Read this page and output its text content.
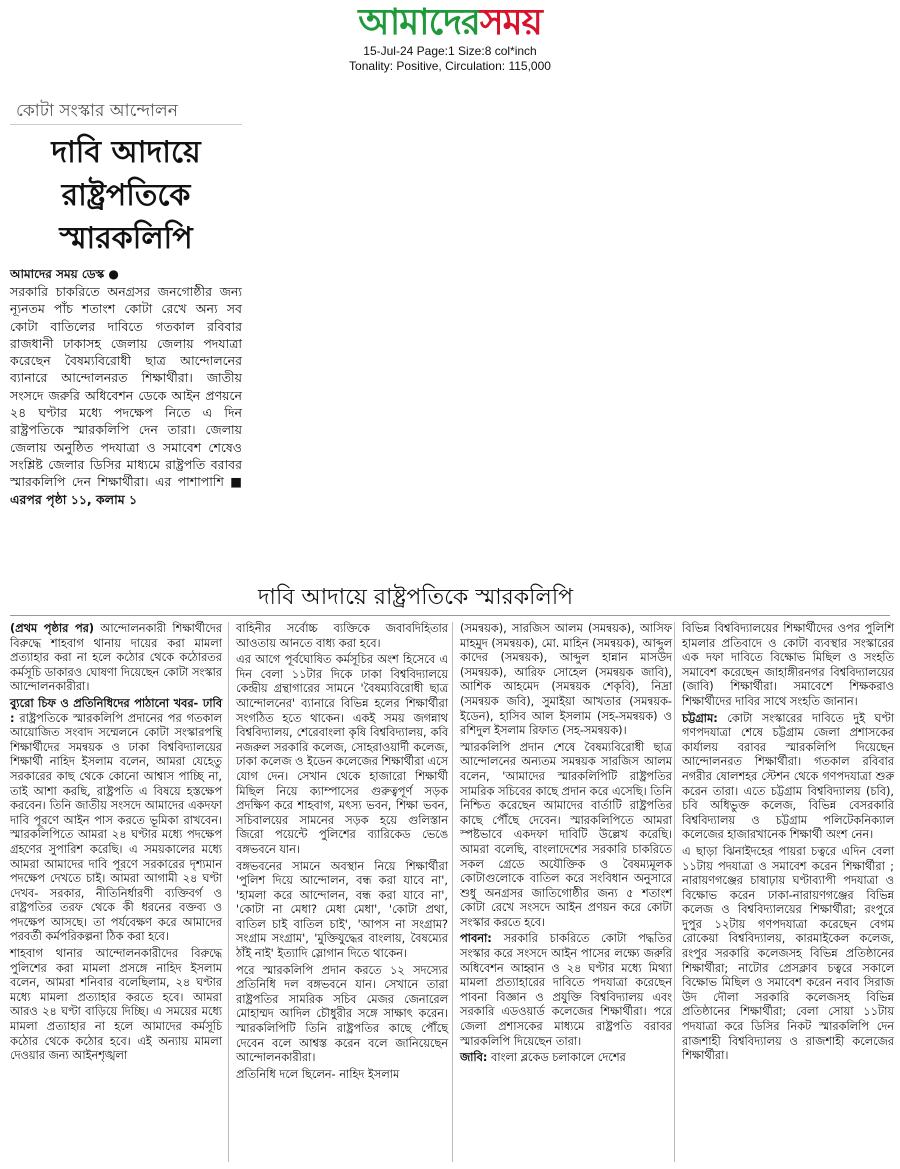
আমাদেরসময়
15-Jul-24 Page:1 Size:8 col*inch
Tonality: Positive, Circulation: 115,000
কোটা সংস্কার আন্দোলন
দাবি আদায়ে
রাষ্ট্রপতিকে
স্মারকলিপি
আমাদের সময় ডেস্ক ●
সরকারি চাকরিতে অনগ্রসর জনগোষ্ঠীর জন্য ন্যূনতম পাঁচ শতাংশ কোটা রেখে অন্য সব কোটা বাতিলের দাবিতে গতকাল রবিবার রাজধানী ঢাকাসহ জেলায় জেলায় পদযাত্রা করেছেন বৈষম্যবিরোধী ছাত্র আন্দোলনের ব্যানারে আন্দোলনরত শিক্ষার্থীরা। জাতীয় সংসদে জরুরি অধিবেশন ডেকে আইন প্রণয়নে ২৪ ঘণ্টার মধ্যে পদক্ষেপ নিতে এ দিন রাষ্ট্রপতিকে স্মারকলিপি দেন তারা। জেলায় জেলায় অনুষ্ঠিত পদযাত্রা ও সমাবেশ শেষেও সংশ্লিষ্ট জেলার ডিসির মাধ্যমে রাষ্ট্রপতি বরাবর স্মারকলিপি দেন শিক্ষার্থীরা। এর পাশাপাশি ■ এরপর পৃষ্ঠা ১১, কলাম ১
দাবি আদায়ে রাষ্ট্রপতিকে স্মারকলিপি

(প্রথম পৃষ্ঠার পর) আন্দোলনকারী শিক্ষার্থীদের বিরুদ্ধে শাহবাগ থানায় দায়ের করা মামলা প্রত্যাহার করা না হলে কঠোর থেকে কঠোরতর কর্মসূচি ডাকারও ঘোষণা দিয়েছেন কোটা সংস্কার আন্দোলনকারীরা।

ব্যুরো চিফ ও প্রতিনিধিদের পাঠানো খবর- ঢাবি : রাষ্ট্রপতিকে স্মারকলিপি প্রদানের পর গতকাল আয়োজিত সংবাদ সম্মেলনে কোটা সংস্কারপন্থি শিক্ষার্থীদের সমন্বয়ক ও ঢাকা বিশ্ববিদ্যালয়ের শিক্ষার্থী নাহিদ ইসলাম বলেন, আমরা যেহেতু সরকারের কাছ থেকে কোনো আশ্বাস পাচ্ছি না, তাই আশা করছি, রাষ্ট্রপতি এ বিষয়ে হস্তক্ষেপ করবেন। তিনি জাতীয় সংসদে আমাদের একদফা দাবি পূরণে আইন পাস করতে ভূমিকা রাখবেন। স্মারকলিপিতে আমরা ২৪ ঘণ্টার মধ্যে পদক্ষেপ গ্রহণের সুপারিশ করেছি। এ সময়কালের মধ্যে আমরা আমাদের দাবি পূরণে সরকারের দৃশ্যমান পদক্ষেপ দেখতে চাই। আমরা আগামী ২৪ ঘণ্টা দেখব- সরকার, নীতিনির্ধারণী ব্যক্তিবর্গ ও রাষ্ট্রপতির তরফ থেকে কী ধরনের বক্তব্য ও পদক্ষেপ আসছে। তা পর্যবেক্ষণ করে আমাদের পরবর্তী কর্মপরিকল্পনা ঠিক করা হবে।

শাহবাগ থানার আন্দোলনকারীদের বিরুদ্ধে পুলিশের করা মামলা প্রসঙ্গে নাহিদ ইসলাম বলেন, আমরা শনিবার বলেছিলাম, ২৪ ঘণ্টার মধ্যে মামলা প্রত্যাহার করতে হবে। আমরা আরও ২৪ ঘণ্টা বাড়িয়ে দিচ্ছি। এ সময়ের মধ্যে মামলা প্রত্যাহার না হলে আমাদের কর্মসূচি কঠোর থেকে কঠোর হবে। এই অন্যায় মামলা দেওয়ার জন্য আইনশৃঙ্খলা

বাহিনীর সর্বোচ্চ ব্যক্তিকে জবাবদিহিতার আওতায় আনতে বাধ্য করা হবে।

এর আগে পূর্বঘোষিত কর্মসূচির অংশ হিসেবে এ দিন বেলা ১১টার দিকে ঢাকা বিশ্ববিদ্যালয়ে কেন্দ্রীয় গ্রন্থাগারের সামনে 'বৈষম্যবিরোধী ছাত্র আন্দোলনের' ব্যানারে বিভিন্ন হলের শিক্ষার্থীরা সংগঠিত হতে থাকেন। একই সময় জগন্নাথ বিশ্ববিদ্যালয়, শেরেবাংলা কৃষি বিশ্ববিদ্যালয়, কবি নজরুল সরকারি কলেজ, সোহরাওয়ার্দী কলেজ, ঢাকা কলেজ ও ইডেন কলেজের শিক্ষার্থীরা এসে যোগ দেন। সেখান থেকে হাজারো শিক্ষার্থী মিছিল নিয়ে ক্যাম্পাসের গুরুত্বপূর্ণ সড়ক প্রদক্ষিণ করে শাহবাগ, মৎস্য ভবন, শিক্ষা ভবন, সচিবালয়ের সামনের সড়ক হয়ে গুলিস্তান জিরো পয়েন্টে পুলিশের ব্যারিকেড ভেঙে বঙ্গভবনে যান।

বঙ্গভবনের সামনে অবস্থান নিয়ে শিক্ষার্থীরা 'পুলিশ দিয়ে আন্দোলন, বন্ধ করা যাবে না', 'হামলা করে আন্দোলন, বন্ধ করা যাবে না', 'কোটা না মেধা? মেধা মেধা', 'কোটা প্রথা, বাতিল চাই বাতিল চাই', 'আপস না সংগ্রাম? সংগ্রাম সংগ্রাম', 'মুক্তিযুদ্ধের বাংলায়, বৈষম্যের ঠাঁই নাই' ইত্যাদি স্লোগান দিতে থাকেন।

পরে স্মারকলিপি প্রদান করতে ১২ সদস্যের প্রতিনিধি দল বঙ্গভবনে যান। সেখানে তারা রাষ্ট্রপতির সামরিক সচিব মেজর জেনারেল মোহাম্মদ আদিল চৌধুরীর সঙ্গে সাক্ষাৎ করেন। স্মারকলিপিটি তিনি রাষ্ট্রপতির কাছে পৌঁছে দেবেন বলে আশ্বস্ত করেন বলে জানিয়েছেন আন্দোলনকারীরা।

প্রতিনিধি দলে ছিলেন- নাহিদ ইসলাম

(সমন্বয়ক), সারজিস আলম (সমন্বয়ক), আসিফ মাহমুদ (সমন্বয়ক), মো. মাহিন (সমন্বয়ক), আব্দুল কাদের (সমন্বয়ক), আব্দুল হান্নান মাসউদ (সমন্বয়ক), আরিফ সোহেল (সমন্বয়ক জাবি), আশিক আহমেদ (সমন্বয়ক শেকৃবি), নিদ্রা (সমন্বয়ক জবি), সুমাইয়া আখতার (সমন্বয়ক- ইডেন), হাসিব আল ইসলাম (সহ-সমন্বয়ক) ও রশিদুল ইসলাম রিফাত (সহ-সমন্বয়ক)।

স্মারকলিপি প্রদান শেষে বৈষম্যবিরোধী ছাত্র আন্দোলনের অন্যতম সমন্বয়ক সারজিস আলম বলেন, 'আমাদের স্মারকলিপিটি রাষ্ট্রপতির সামরিক সচিবের কাছে প্রদান করে এসেছি। তিনি নিশ্চিত করেছেন আমাদের বার্তাটি রাষ্ট্রপতির কাছে পৌঁছে দেবেন। স্মারকলিপিতে আমরা স্পষ্টভাবে একদফা দাবিটি উল্লেখ করেছি। আমরা বলেছি, বাংলাদেশের সরকারি চাকরিতে সকল গ্রেডে অযৌক্তিক ও বৈষম্যমূলক কোটাগুলোকে বাতিল করে সংবিধান অনুসারে শুধু অনগ্রসর জাতিগোষ্ঠীর জন্য ৫ শতাংশ কোটা রেখে সংসদে আইন প্রণয়ন করে কোটা সংস্কার করতে হবে।

পাবনা: সরকারি চাকরিতে কোটা পদ্ধতির সংস্কার করে সংসদে আইন পাসের লক্ষ্যে জরুরি অধিবেশন আহ্বান ও ২৪ ঘণ্টার মধ্যে মিথ্যা মামলা প্রত্যাহারের দাবিতে পদযাত্রা করেছেন পাবনা বিজ্ঞান ও প্রযুক্তি বিশ্ববিদ্যালয় এবং সরকারি এডওয়ার্ড কলেজের শিক্ষার্থীরা। পরে জেলা প্রশাসকের মাধ্যমে রাষ্ট্রপতি বরাবর স্মারকলিপি দিয়েছেন তারা।

জাবি: বাংলা ব্লকেড চলাকালে দেশের

বিভিন্ন বিশ্ববিদ্যালয়ের শিক্ষার্থীদের ওপর পুলিশি হামলার প্রতিবাদে ও কোটা ব্যবস্থার সংস্কারের এক দফা দাবিতে বিক্ষোভ মিছিল ও সংহতি সমাবেশ করেছেন জাহাঙ্গীরনগর বিশ্ববিদ্যালয়ের (জাবি) শিক্ষার্থীরা। সমাবেশে শিক্ষকরাও শিক্ষার্থীদের দাবির সাথে সংহতি জানান।

চট্টগ্রাম: কোটা সংস্কারের দাবিতে দুই ঘণ্টা গণপদযাত্রা শেষে চট্টগ্রাম জেলা প্রশাসকের কার্যালয় বরাবর স্মারকলিপি দিয়েছেন আন্দোলনরত শিক্ষার্থীরা। গতকাল রবিবার নগরীর ষোলশহর স্টেশন থেকে গণপদযাত্রা শুরু করেন তারা। এতে চট্টগ্রাম বিশ্ববিদ্যালয় (চবি), চবি অধিভুক্ত কলেজ, বিভিন্ন বেসরকারি বিশ্ববিদ্যালয় ও চট্টগ্রাম পলিটেকনিক্যাল কলেজের হাজারখানেক শিক্ষার্থী অংশ নেন।

এ ছাড়া ঝিনাইদহের পায়রা চত্বরে এদিন বেলা ১১টায় পদযাত্রা ও সমাবেশ করেন শিক্ষার্থীরা ; নারায়ণগঞ্জের চাষাঢ়ায় ঘণ্টাব্যাপী পদযাত্রা ও বিক্ষোভ করেন ঢাকা-নারায়ণগঞ্জের বিভিন্ন কলেজ ও বিশ্ববিদ্যালয়ের শিক্ষার্থীরা; রংপুরে দুপুর ১২টায় গণপদযাত্রা করেছেন বেগম রোকেয়া বিশ্ববিদ্যালয়, কারমাইকেল কলেজ, রংপুর সরকারি কলেজসহ বিভিন্ন প্রতিষ্ঠানের শিক্ষার্থীরা; নাটোর প্রেসক্লাব চত্বরে সকালে বিক্ষোভ মিছিল ও সমাবেশ করেন নবাব সিরাজ উদ দৌলা সরকারি কলেজসহ বিভিন্ন প্রতিষ্ঠানের শিক্ষার্থীরা; বেলা সোয়া ১১টায় পদযাত্রা করে ডিসির নিকট স্মারকলিপি দেন রাজশাহী বিশ্ববিদ্যালয় ও রাজশাহী কলেজের শিক্ষার্থীরা।
